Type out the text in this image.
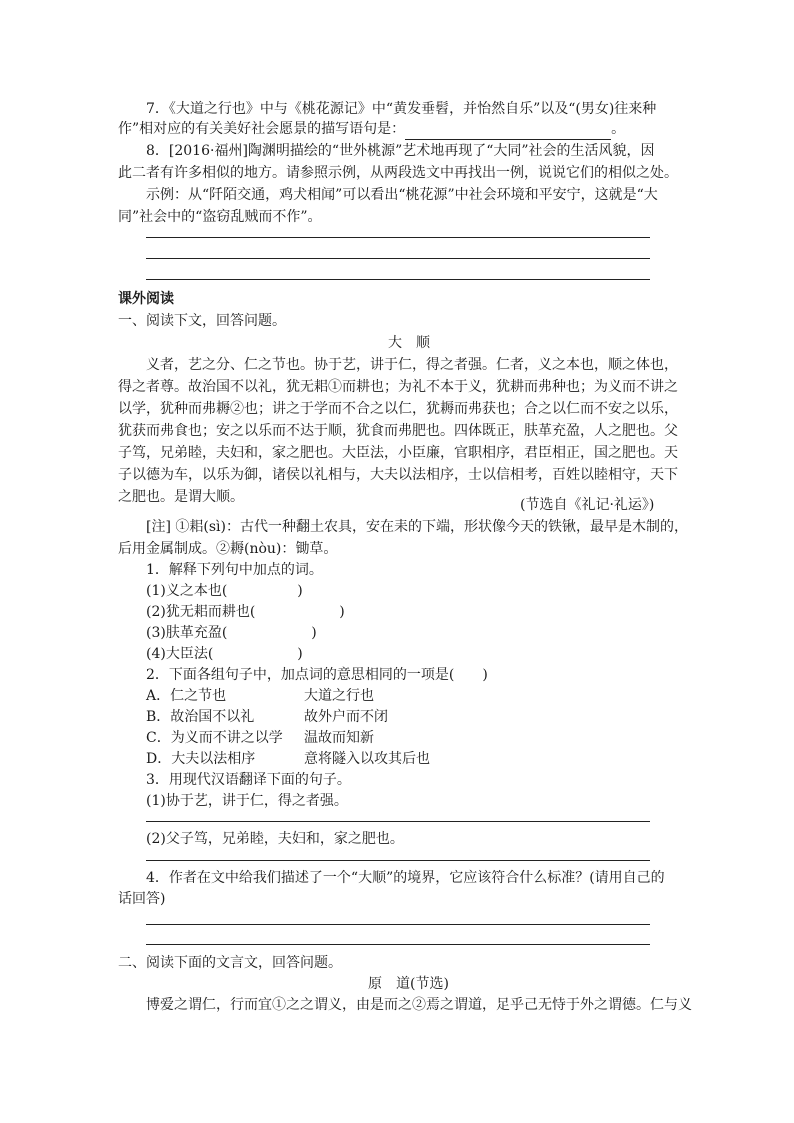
7．《大道之行也》中与《桃花源记》中“黄发垂髫，并怡然自乐”以及“(男女)往来种
作”相对应的有关美好社会愿景的描写语句是：	。
8．[2016·福州]陶渊明描绘的“世外桃源”艺术地再现了“大同”社会的生活风貌，因
此二者有许多相似的地方。请参照示例，从两段选文中再找出一例，说说它们的相似之处。
示例：从“阡陌交通，鸡犬相闻”可以看出“桃花源”中社会环境和平安宁，这就是“大
同”社会中的“盗窃乱贼而不作”。
课外阅读
一、阅读下文，回答问题。
大　顺
义者，艺之分、仁之节也。协于艺，讲于仁，得之者强。仁者，义之本也，顺之体也，
得之者尊。故治国不以礼，犹无耜①而耕也；为礼不本于义，犹耕而弗种也；为义而不讲之
以学，犹种而弗耨②也；讲之于学而不合之以仁，犹耨而弗获也；合之以仁而不安之以乐，
犹获而弗食也；安之以乐而不达于顺，犹食而弗肥也。四体既正，肤革充盈，人之肥也。父
子笃，兄弟睦，夫妇和，家之肥也。大臣法，小臣廉，官职相序，君臣相正，国之肥也。天
子以德为车，以乐为御，诸侯以礼相与，大夫以法相序，士以信相考，百姓以睦相守，天下
之肥也。是谓大顺。	(节选自《礼记·礼运》)
[注] ①耜(sì)：古代一种翻土农具，安在耒的下端，形状像今天的铁锹，最早是木制的，
后用金属制成。②耨(nòu)：锄草。
1．解释下列句中加点的词。
(1)义之本也(　　　　　)
(2)犹无耜而耕也(　　　　　　)
(3)肤革充盈(　　　　　　)
(4)大臣法(　　　　　　)
2．下面各组句子中，加点词的意思相同的一项是(　　)
A．仁之节也	大道之行也
B．故治国不以礼	故外户而不闭
C．为义而不讲之以学 温故而知新
D．大夫以法相序	意将隧入以攻其后也
3．用现代汉语翻译下面的句子。
(1)协于艺，讲于仁，得之者强。
(2)父子笃，兄弟睦，夫妇和，家之肥也。
4．作者在文中给我们描述了一个“大顺”的境界，它应该符合什么标准？(请用自己的
话回答)
二、阅读下面的文言文，回答问题。
原　道(节选)
博爱之谓仁，行而宜①之之谓义，由是而之②焉之谓道，足乎己无恃于外之谓德。仁与义
